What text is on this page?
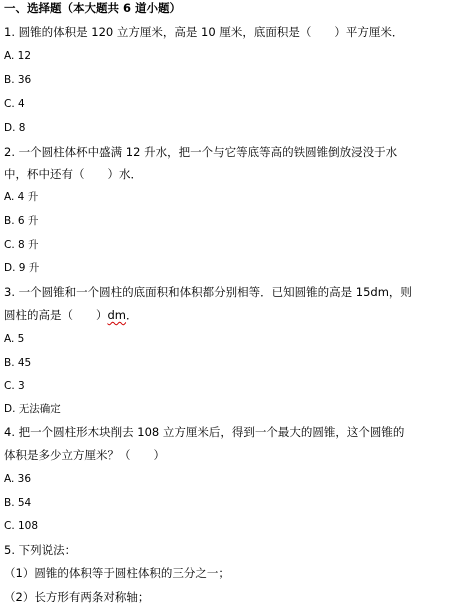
一、选择题（本大题共 6 道小题）
1. 圆锥的体积是 120 立方厘米，高是 10 厘米，底面积是（　　）平方厘米．
A. 12
B. 36
C. 4
D. 8
2. 一个圆柱体杯中盛满 12 升水，把一个与它等底等高的铁圆锥倒放浸没于水
中，杯中还有（　　）水．
A. 4 升
B. 6 升
C. 8 升
D. 9 升
3. 一个圆锥和一个圆柱的底面积和体积都分别相等．已知圆锥的高是 15dm，则
圆柱的高是（　　）dm．
A. 5
B. 45
C. 3
D. 无法确定
4. 把一个圆柱形木块削去 108 立方厘米后，得到一个最大的圆锥，这个圆锥的
体积是多少立方厘米？（　　）
A. 36
B. 54
C. 108
5. 下列说法：
（1）圆锥的体积等于圆柱体积的三分之一；
（2）长方形有两条对称轴；
